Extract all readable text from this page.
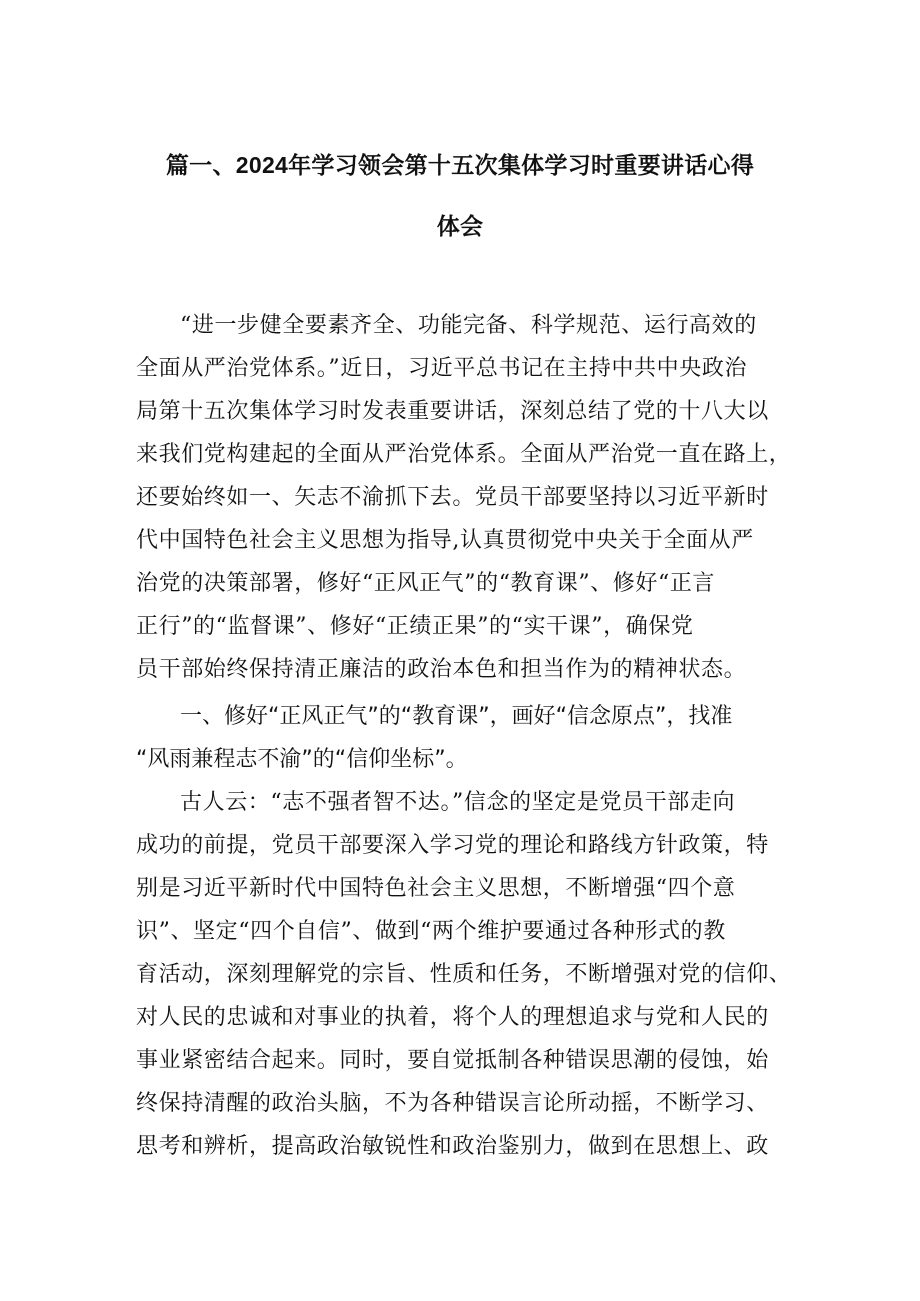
篇一、2024年学习领会第十五次集体学习时重要讲话心得
体会
“进一步健全要素齐全、功能完备、科学规范、运行高效的
全面从严治党体系。”近日，习近平总书记在主持中共中央政治
局第十五次集体学习时发表重要讲话，深刻总结了党的十八大以
来我们党构建起的全面从严治党体系。全面从严治党一直在路上，
还要始终如一、矢志不渝抓下去。党员干部要坚持以习近平新时
代中国特色社会主义思想为指导,认真贯彻党中央关于全面从严
治党的决策部署，修好“正风正气”的“教育课”、修好“正言
正行”的“监督课”、修好“正绩正果”的“实干课”，确保党
员干部始终保持清正廉洁的政治本色和担当作为的精神状态。
一、修好“正风正气”的“教育课”，画好“信念原点”，找准
“风雨兼程志不渝”的“信仰坐标”。
古人云：“志不强者智不达。”信念的坚定是党员干部走向
成功的前提，党员干部要深入学习党的理论和路线方针政策，特
别是习近平新时代中国特色社会主义思想，不断增强“四个意
识”、坚定“四个自信”、做到“两个维护要通过各种形式的教
育活动，深刻理解党的宗旨、性质和任务，不断增强对党的信仰、
对人民的忠诚和对事业的执着，将个人的理想追求与党和人民的
事业紧密结合起来。同时，要自觉抵制各种错误思潮的侵蚀，始
终保持清醒的政治头脑，不为各种错误言论所动摇，不断学习、
思考和辨析，提高政治敏锐性和政治鉴别力，做到在思想上、政
